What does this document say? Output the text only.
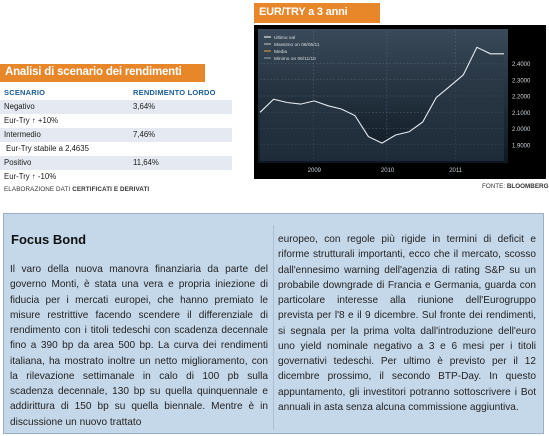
Analisi di scenario dei rendimenti
SCENARIO	RENDIMENTO LORDO
Negativo	3,64%
Eur-Try ↑ +10%
Intermedio	7,46%
Eur-Try stabile a 2,4635
Positivo	11,64%
Eur-Try ↑ -10%
ELABORAZIONE DATI CERTIFICATI E DERIVATI
EUR/TRY a 3 anni
Ultimo val
Massimo on 08/05/11
Media
Minimo on 06/11/10
2.4000
2.3000
2.2000
2.1000
2.0000
1.9000
2009	2010	2011
FONTE: BLOOMBERG
Focus Bond
Il varo della nuova manovra finanziaria da parte del governo Monti, è stata una vera e propria iniezione di fiducia per i mercati europei, che hanno premiato le misure restrittive facendo scendere il differenziale di rendimento con i titoli tedeschi con scadenza decennale fino a 390 bp da area 500 bp. La curva dei rendimenti italiana, ha mostrato inoltre un netto miglioramento, con la rilevazione settimanale in calo di 100 pb sulla scadenza decennale, 130 bp su quella quinquennale e addirittura di 150 bp su quella biennale. Mentre è in discussione un nuovo trattato
europeo, con regole più rigide in termini di deficit e riforme strutturali importanti, ecco che il mercato, scosso dall'ennesimo warning dell'agenzia di rating S&P su un probabile downgrade di Francia e Germania, guarda con particolare interesse alla riunione dell'Eurogruppo prevista per l'8 e il 9 dicembre. Sul fronte dei rendimenti, si segnala per la prima volta dall'introduzione dell'euro uno yield nominale negativo a 3 e 6 mesi per i titoli governativi tedeschi. Per ultimo è previsto per il 12 dicembre prossimo, il secondo BTP-Day. In questo appuntamento, gli investitori potranno sottoscrivere i Bot annuali in asta senza alcuna commissione aggiuntiva.
